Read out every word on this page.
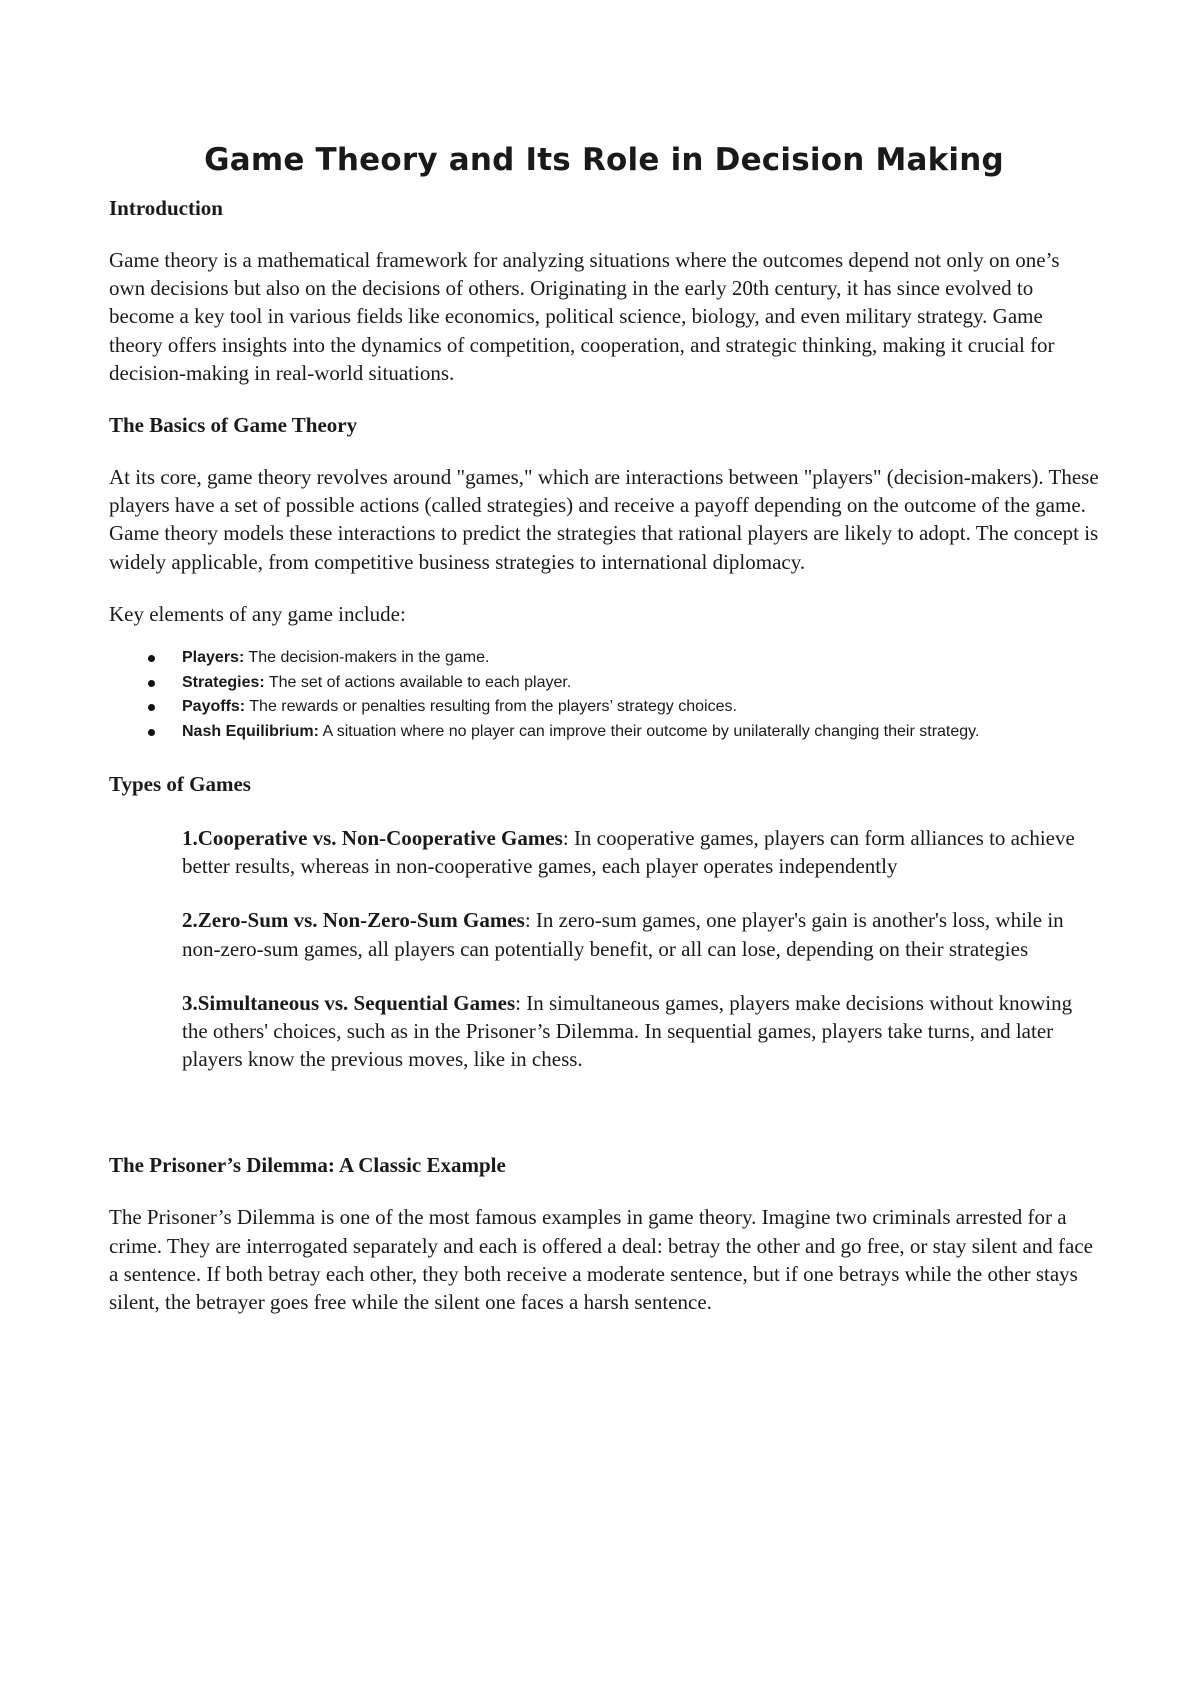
Game Theory and Its Role in Decision Making
Introduction

Game theory is a mathematical framework for analyzing situations where the outcomes depend not only on one’s own decisions but also on the decisions of others. Originating in the early 20th century, it has since evolved to become a key tool in various fields like economics, political science, biology, and even military strategy. Game theory offers insights into the dynamics of competition, cooperation, and strategic thinking, making it crucial for decision-making in real-world situations.

The Basics of Game Theory

At its core, game theory revolves around "games," which are interactions between "players" (decision-makers). These players have a set of possible actions (called strategies) and receive a payoff depending on the outcome of the game. Game theory models these interactions to predict the strategies that rational players are likely to adopt. The concept is widely applicable, from competitive business strategies to international diplomacy.

Key elements of any game include:

Players: The decision-makers in the game.
Strategies: The set of actions available to each player.
Payoffs: The rewards or penalties resulting from the players’ strategy choices.
Nash Equilibrium: A situation where no player can improve their outcome by unilaterally changing their strategy.
Types of Games

1.Cooperative vs. Non-Cooperative Games: In cooperative games, players can form alliances to achieve better results, whereas in non-cooperative games, each player operates independently

2.Zero-Sum vs. Non-Zero-Sum Games: In zero-sum games, one player's gain is another's loss, while in non-zero-sum games, all players can potentially benefit, or all can lose, depending on their strategies

3.Simultaneous vs. Sequential Games: In simultaneous games, players make decisions without knowing the others' choices, such as in the Prisoner’s Dilemma. In sequential games, players take turns, and later players know the previous moves, like in chess.

The Prisoner’s Dilemma: A Classic Example

The Prisoner’s Dilemma is one of the most famous examples in game theory. Imagine two criminals arrested for a crime. They are interrogated separately and each is offered a deal: betray the other and go free, or stay silent and face a sentence. If both betray each other, they both receive a moderate sentence, but if one betrays while the other stays silent, the betrayer goes free while the silent one faces a harsh sentence.
